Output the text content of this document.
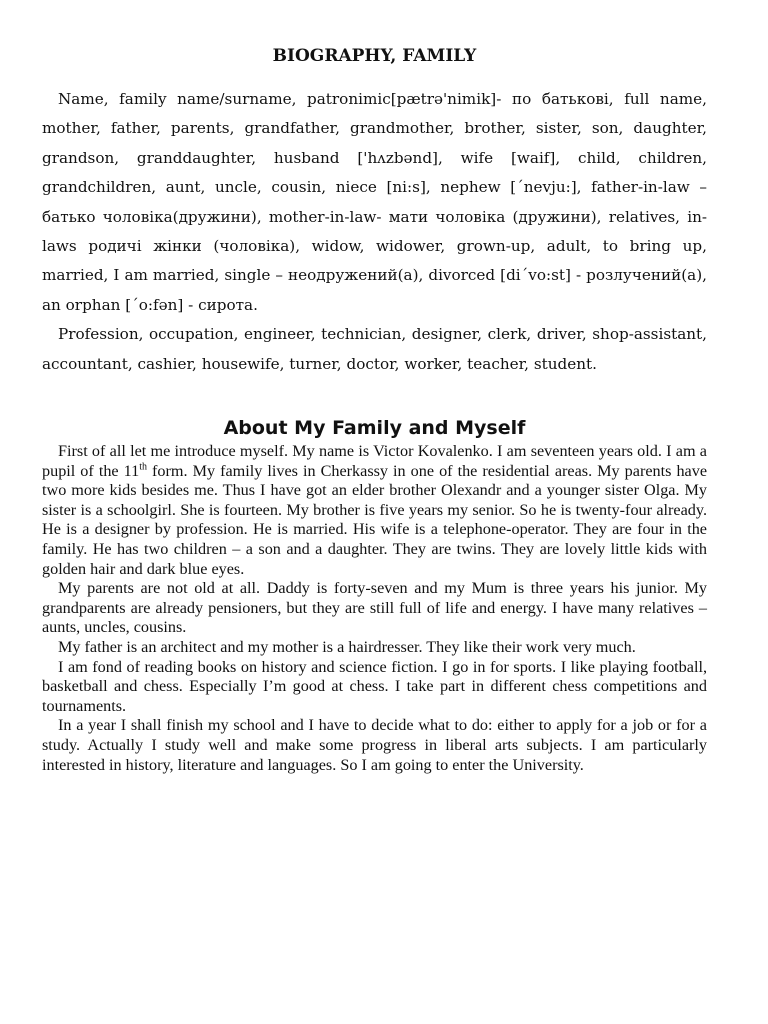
BIOGRAPHY, FAMILY

Name, family name/surname, patronimic[pætrə'nimik]- по батькові, full name, mother, father, parents, grandfather, grandmother, brother, sister, son, daughter, grandson, granddaughter, husband ['hʌzbənd], wife [waif], child, children, grandchildren, aunt, uncle, cousin, niece [ni:s], nephew [΄nevju:], father-in-law – батько чоловіка(дружини), mother-in-law- мати чоловіка (дружини), relatives, in-laws родичі жінки (чоловіка), widow, widower, grown-up, adult, to bring up, married, I am married, single – неодружений(а), divorced [di΄vo:st] - розлучений(а), an orphan [΄o:fən] - сирота.

Profession, occupation, engineer, technician, designer, clerk, driver, shop-assistant, accountant, cashier, housewife, turner, doctor, worker, teacher, student.

About My Family and Myself

First of all let me introduce myself. My name is Victor Kovalenko. I am seventeen years old. I am a pupil of the 11th form. My family lives in Cherkassy in one of the residential areas. My parents have two more kids besides me. Thus I have got an elder brother Olexandr and a younger sister Olga. My sister is a schoolgirl. She is fourteen. My brother is five years my senior. So he is twenty-four already. He is a designer by profession. He is married. His wife is a telephone-operator. They are four in the family. He has two children – a son and a daughter. They are twins. They are lovely little kids with golden hair and dark blue eyes.

My parents are not old at all. Daddy is forty-seven and my Mum is three years his junior. My grandparents are already pensioners, but they are still full of life and energy. I have many relatives – aunts, uncles, cousins.

My father is an architect and my mother is a hairdresser. They like their work very much.

I am fond of reading books on history and science fiction. I go in for sports. I like playing football, basketball and chess. Especially I’m good at chess. I take part in different chess competitions and tournaments.

In a year I shall finish my school and I have to decide what to do: either to apply for a job or for a study. Actually I study well and make some progress in liberal arts subjects. I am particularly interested in history, literature and languages. So I am going to enter the University.
